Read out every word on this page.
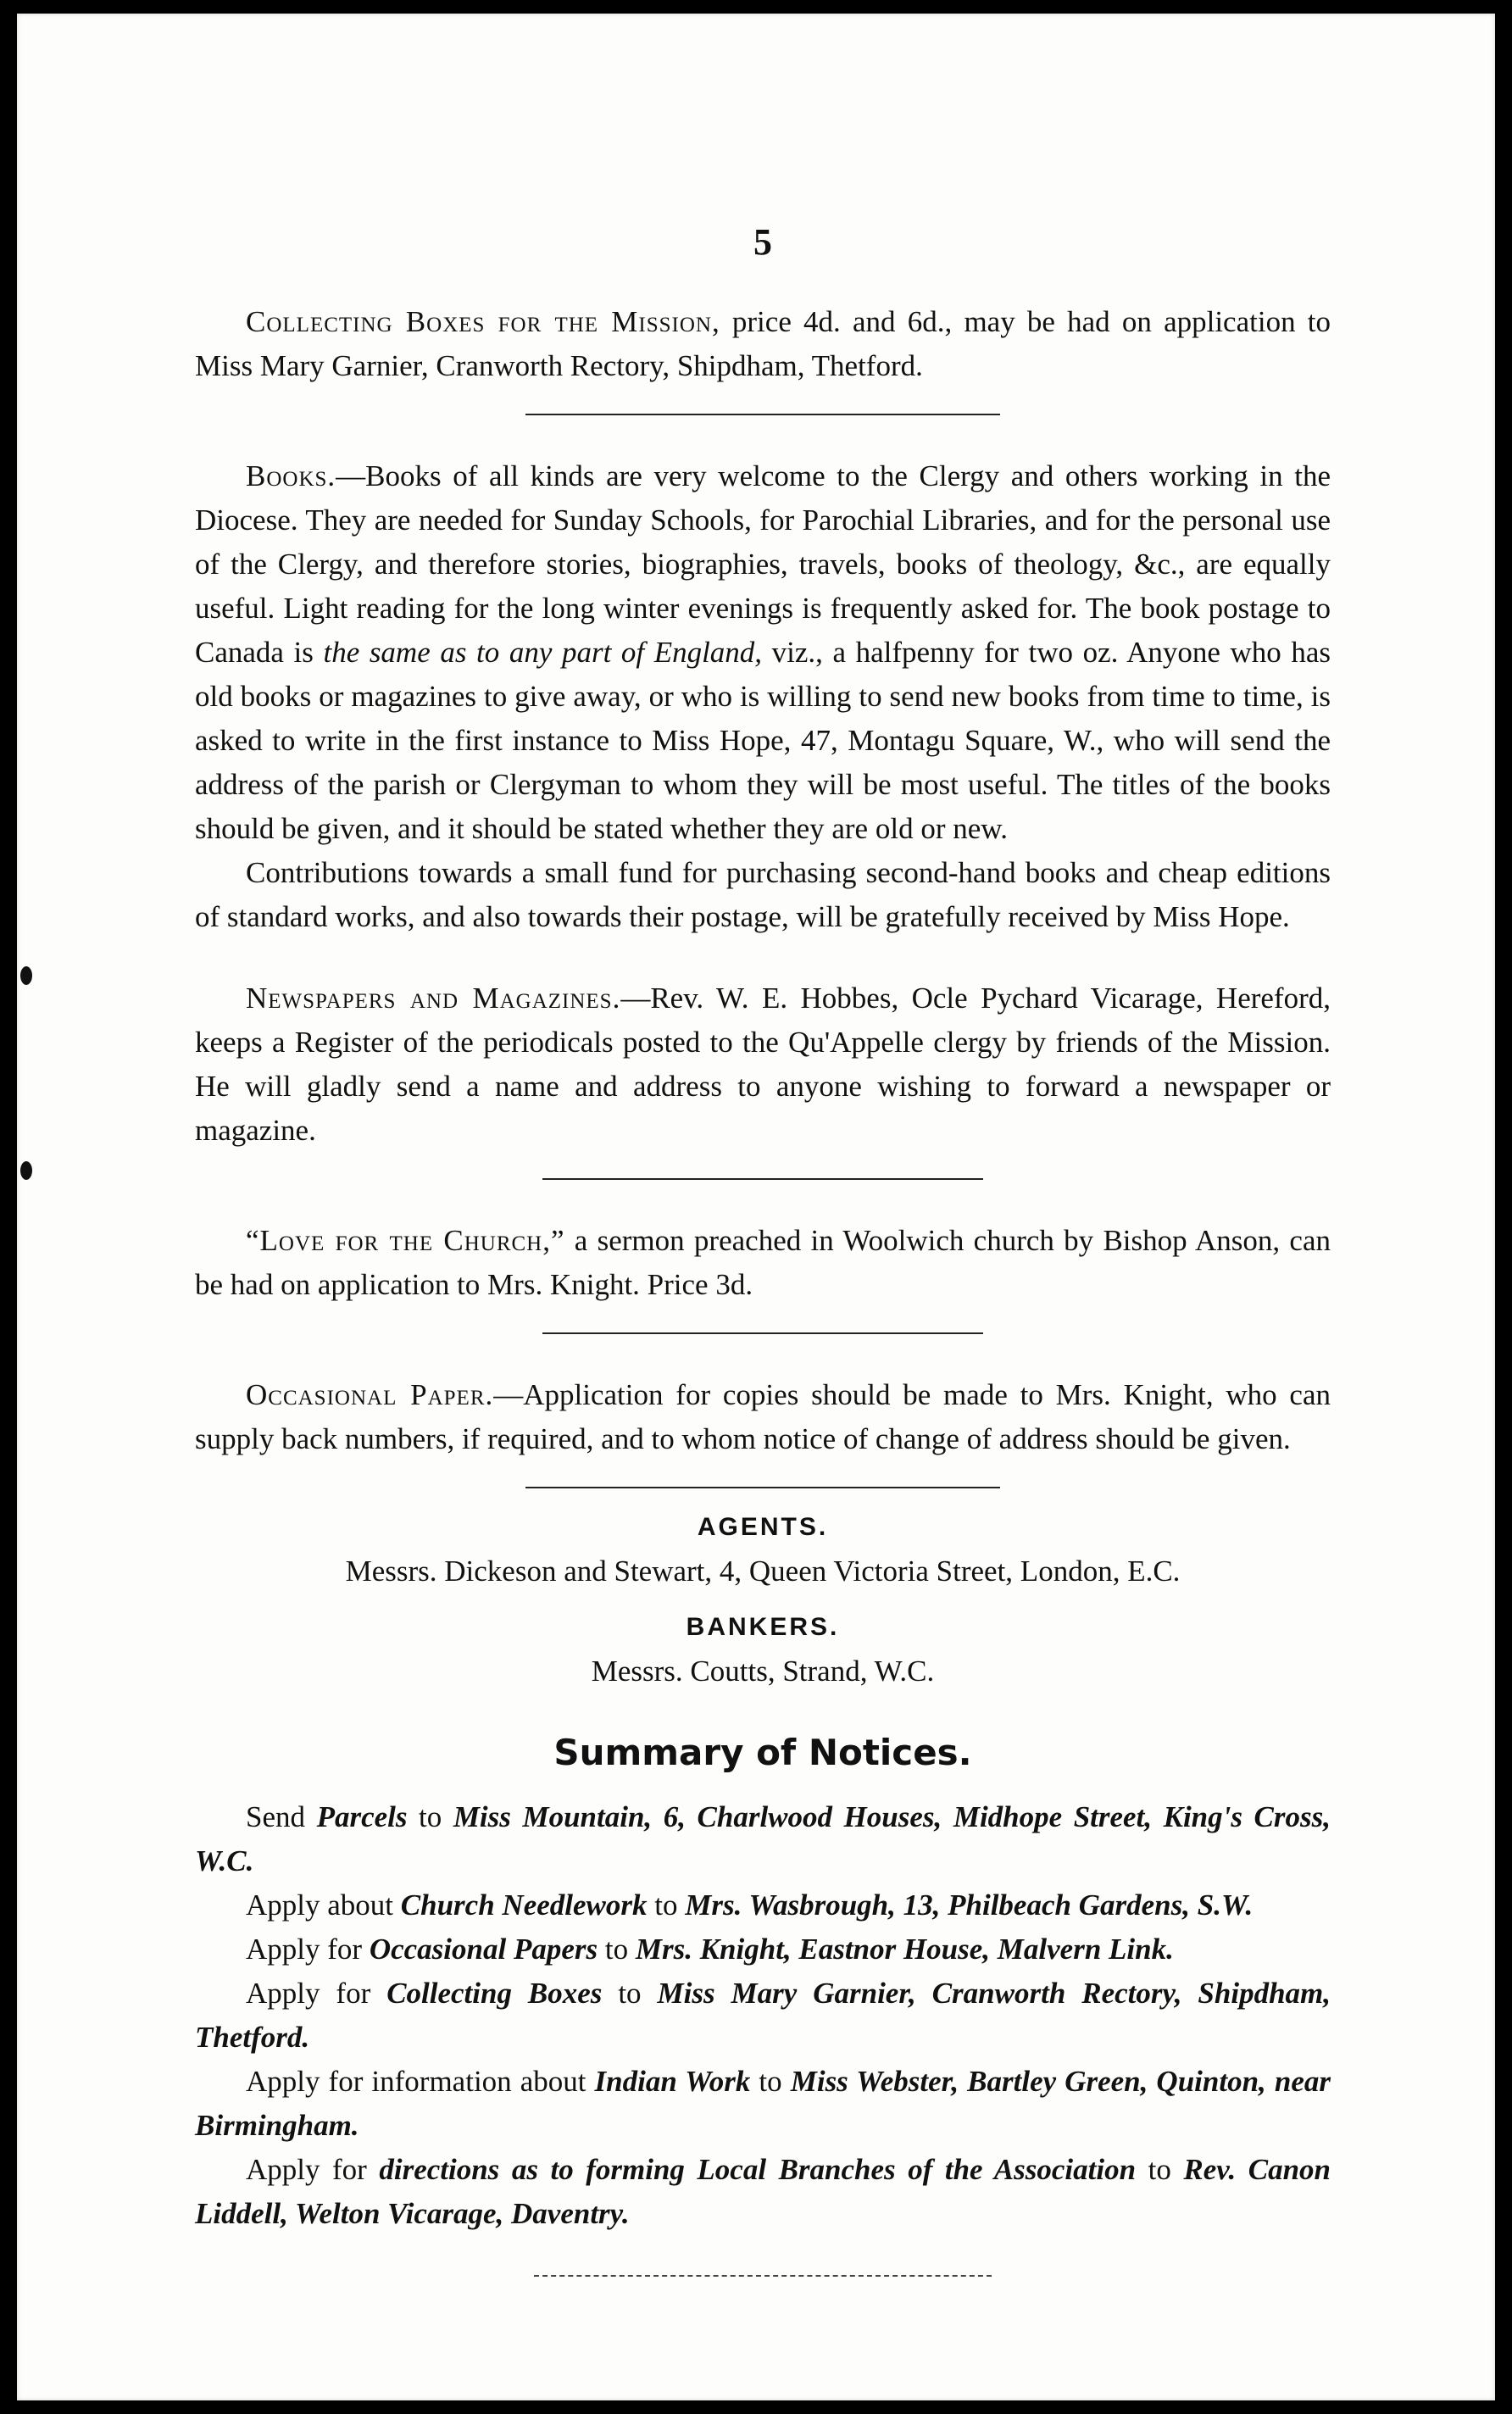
5

Collecting Boxes for the Mission, price 4d. and 6d., may be had on application to Miss Mary Garnier, Cranworth Rectory, Shipdham, Thetford.

Books.—Books of all kinds are very welcome to the Clergy and others working in the Diocese. They are needed for Sunday Schools, for Parochial Libraries, and for the personal use of the Clergy, and therefore stories, biographies, travels, books of theology, &c., are equally useful. Light reading for the long winter evenings is frequently asked for. The book postage to Canada is the same as to any part of England, viz., a halfpenny for two oz. Anyone who has old books or magazines to give away, or who is willing to send new books from time to time, is asked to write in the first instance to Miss Hope, 47, Montagu Square, W., who will send the address of the parish or Clergyman to whom they will be most useful. The titles of the books should be given, and it should be stated whether they are old or new.

Contributions towards a small fund for purchasing second-hand books and cheap editions of standard works, and also towards their postage, will be gratefully received by Miss Hope.

Newspapers and Magazines.—Rev. W. E. Hobbes, Ocle Pychard Vicarage, Hereford, keeps a Register of the periodicals posted to the Qu'Appelle clergy by friends of the Mission. He will gladly send a name and address to anyone wishing to forward a newspaper or magazine.

“Love for the Church,” a sermon preached in Woolwich church by Bishop Anson, can be had on application to Mrs. Knight. Price 3d.

Occasional Paper.—Application for copies should be made to Mrs. Knight, who can supply back numbers, if required, and to whom notice of change of address should be given.

AGENTS.
Messrs. Dickeson and Stewart, 4, Queen Victoria Street, London, E.C.
BANKERS.
Messrs. Coutts, Strand, W.C.
Summary of Notices.

Send Parcels to Miss Mountain, 6, Charlwood Houses, Midhope Street, King's Cross, W.C.

Apply about Church Needlework to Mrs. Wasbrough, 13, Philbeach Gardens, S.W.

Apply for Occasional Papers to Mrs. Knight, Eastnor House, Malvern Link.

Apply for Collecting Boxes to Miss Mary Garnier, Cranworth Rectory, Shipdham, Thetford.

Apply for information about Indian Work to Miss Webster, Bartley Green, Quinton, near Birmingham.

Apply for directions as to forming Local Branches of the Association to Rev. Canon Liddell, Welton Vicarage, Daventry.
